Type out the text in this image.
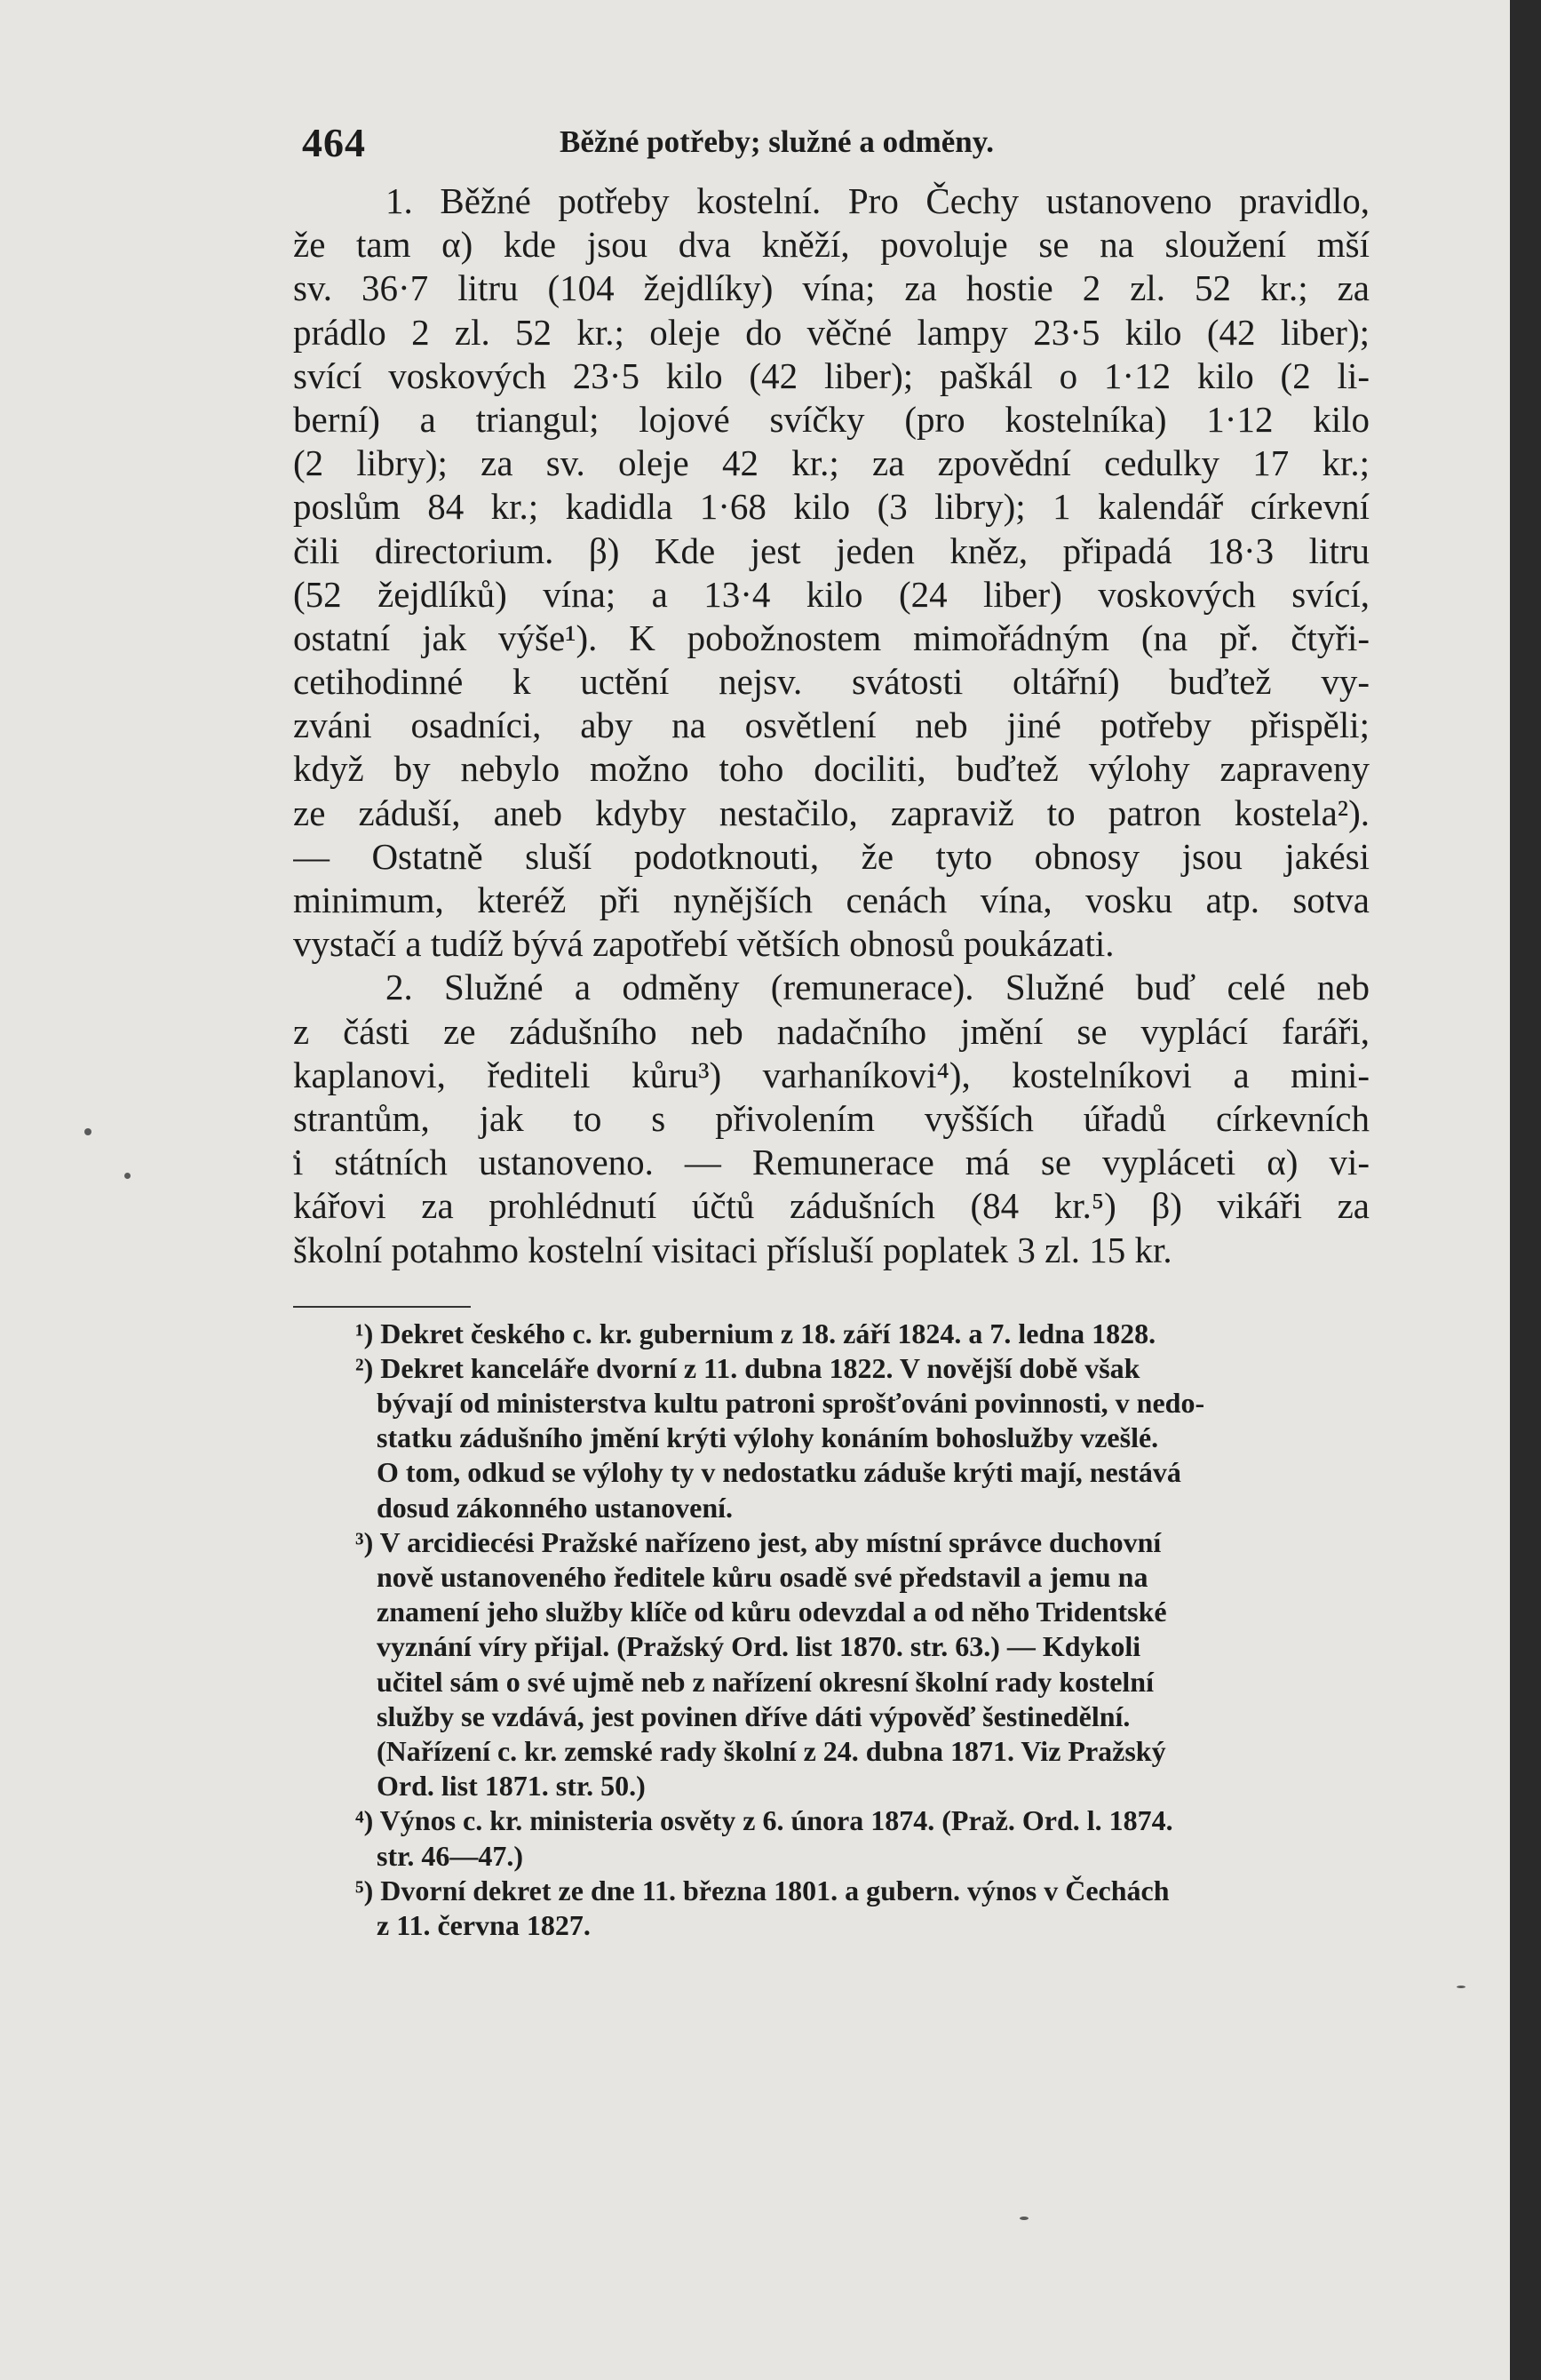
464	Běžné potřeby; služné a odměny.
1. Běžné potřeby kostelní. Pro Čechy ustanoveno pravidlo,
že tam α) kde jsou dva kněží, povoluje se na sloužení mší
sv. 36·7 litru (104 žejdlíky) vína; za hostie 2 zl. 52 kr.; za
prádlo 2 zl. 52 kr.; oleje do věčné lampy 23·5 kilo (42 liber);
svící voskových 23·5 kilo (42 liber); paškál o 1·12 kilo (2 li-
berní) a triangul; lojové svíčky (pro kostelníka) 1·12 kilo
(2 libry); za sv. oleje 42 kr.; za zpovědní cedulky 17 kr.;
poslům 84 kr.; kadidla 1·68 kilo (3 libry); 1 kalendář církevní
čili directorium. β) Kde jest jeden kněz, připadá 18·3 litru
(52 žejdlíků) vína; a 13·4 kilo (24 liber) voskových svící,
ostatní jak výše¹). K pobožnostem mimořádným (na př. čtyři-
cetihodinné k uctění nejsv. svátosti oltářní) buďtež vy-
zváni osadníci, aby na osvětlení neb jiné potřeby přispěli;
když by nebylo možno toho dociliti, buďtež výlohy zapraveny
ze záduší, aneb kdyby nestačilo, zapraviž to patron kostela²).
— Ostatně sluší podotknouti, že tyto obnosy jsou jakési
minimum, kteréž při nynějších cenách vína, vosku atp. sotva
vystačí a tudíž bývá zapotřebí větších obnosů poukázati.
2. Služné a odměny (remunerace). Služné buď celé neb
z části ze zádušního neb nadačního jmění se vyplácí faráři,
kaplanovi, řediteli kůru³) varhaníkovi⁴), kostelníkovi a mini-
strantům, jak to s přivolením vyšších úřadů církevních
i státních ustanoveno. — Remunerace má se vypláceti α) vi-
kářovi za prohlédnutí účtů zádušních (84 kr.⁵) β) vikáři za
školní potahmo kostelní visitaci přísluší poplatek 3 zl. 15 kr.
¹) Dekret českého c. kr. gubernium z 18. září 1824. a 7. ledna 1828.
²) Dekret kanceláře dvorní z 11. dubna 1822. V novější době však
bývají od ministerstva kultu patroni sprošťováni povinnosti, v nedo-
statku zádušního jmění krýti výlohy konáním bohoslužby vzešlé.
O tom, odkud se výlohy ty v nedostatku záduše krýti mají, nestává
dosud zákonného ustanovení.
³) V arcidiecési Pražské nařízeno jest, aby místní správce duchovní
nově ustanoveného ředitele kůru osadě své představil a jemu na
znamení jeho služby klíče od kůru odevzdal a od něho Tridentské
vyznání víry přijal. (Pražský Ord. list 1870. str. 63.) — Kdykoli
učitel sám o své ujmě neb z nařízení okresní školní rady kostelní
služby se vzdává, jest povinen dříve dáti výpověď šestinedělní.
(Nařízení c. kr. zemské rady školní z 24. dubna 1871. Viz Pražský
Ord. list 1871. str. 50.)
⁴) Výnos c. kr. ministeria osvěty z 6. února 1874. (Praž. Ord. l. 1874.
str. 46—47.)
⁵) Dvorní dekret ze dne 11. března 1801. a gubern. výnos v Čechách
z 11. června 1827.
